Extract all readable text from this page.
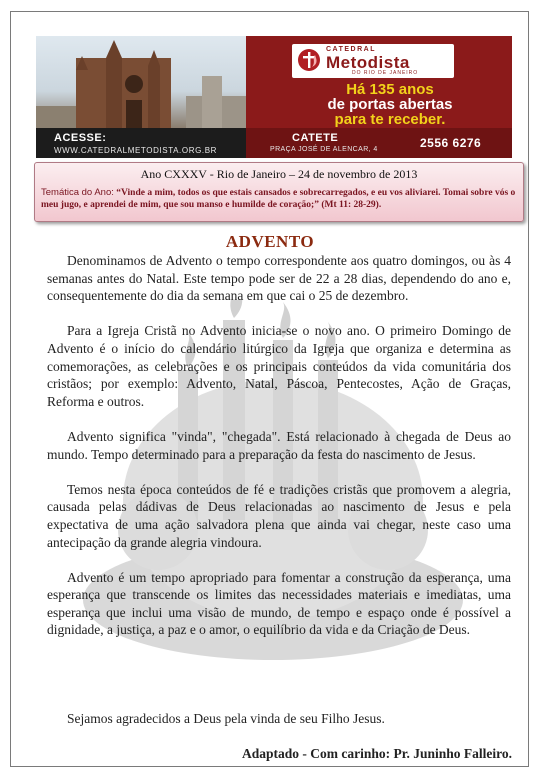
ACESSE:
WWW.CATEDRALMETODISTA.ORG.BR
CATEDRAL
Metodista
DO RIO DE JANEIRO
Há 135 anos
de portas abertas
para te receber.
CATETE
PRAÇA JOSÉ DE ALENCAR, 4	2556 6276
Ano CXXXV - Rio de Janeiro – 24 de novembro de 2013
Temática do Ano: “Vinde a mim, todos os que estais cansados e sobrecarregados, e eu vos aliviarei. Tomai sobre vós o meu jugo, e aprendei de mim, que sou manso e humilde de coração;” (Mt 11: 28-29).
ADVENTO

Denominamos de Advento o tempo correspondente aos quatro domingos, ou às 4 semanas antes do Natal. Este tempo pode ser de 22 a 28 dias, dependendo do ano e, consequentemente do dia da semana em que cai o 25 de dezembro.

Para a Igreja Cristã no Advento inicia-se o novo ano. O primeiro Domingo de Advento é o início do calendário litúrgico da Igreja que organiza e determina as comemorações, as celebrações e os principais conteúdos da vida comunitária dos cristãos; por exemplo: Advento, Natal, Páscoa, Pentecostes, Ação de Graças, Reforma e outros.

Advento significa "vinda", "chegada". Está relacionado à chegada de Deus ao mundo. Tempo determinado para a preparação da festa do nascimento de Jesus.

Temos nesta época conteúdos de fé e tradições cristãs que promovem a alegria, causada pelas dádivas de Deus relacionadas ao nascimento de Jesus e pela expectativa de uma ação salvadora plena que ainda vai chegar, neste caso uma antecipação da grande alegria vindoura.

Advento é um tempo apropriado para fomentar a construção da esperança, uma esperança que transcende os limites das necessidades materiais e imediatas, uma esperança que inclui uma visão de mundo, de tempo e espaço onde é possível a dignidade, a justiça, a paz e o amor, o equilíbrio da vida e da Criação de Deus.

Sejamos agradecidos a Deus pela vinda de seu Filho Jesus.
Adaptado - Com carinho: Pr. Juninho Falleiro.
